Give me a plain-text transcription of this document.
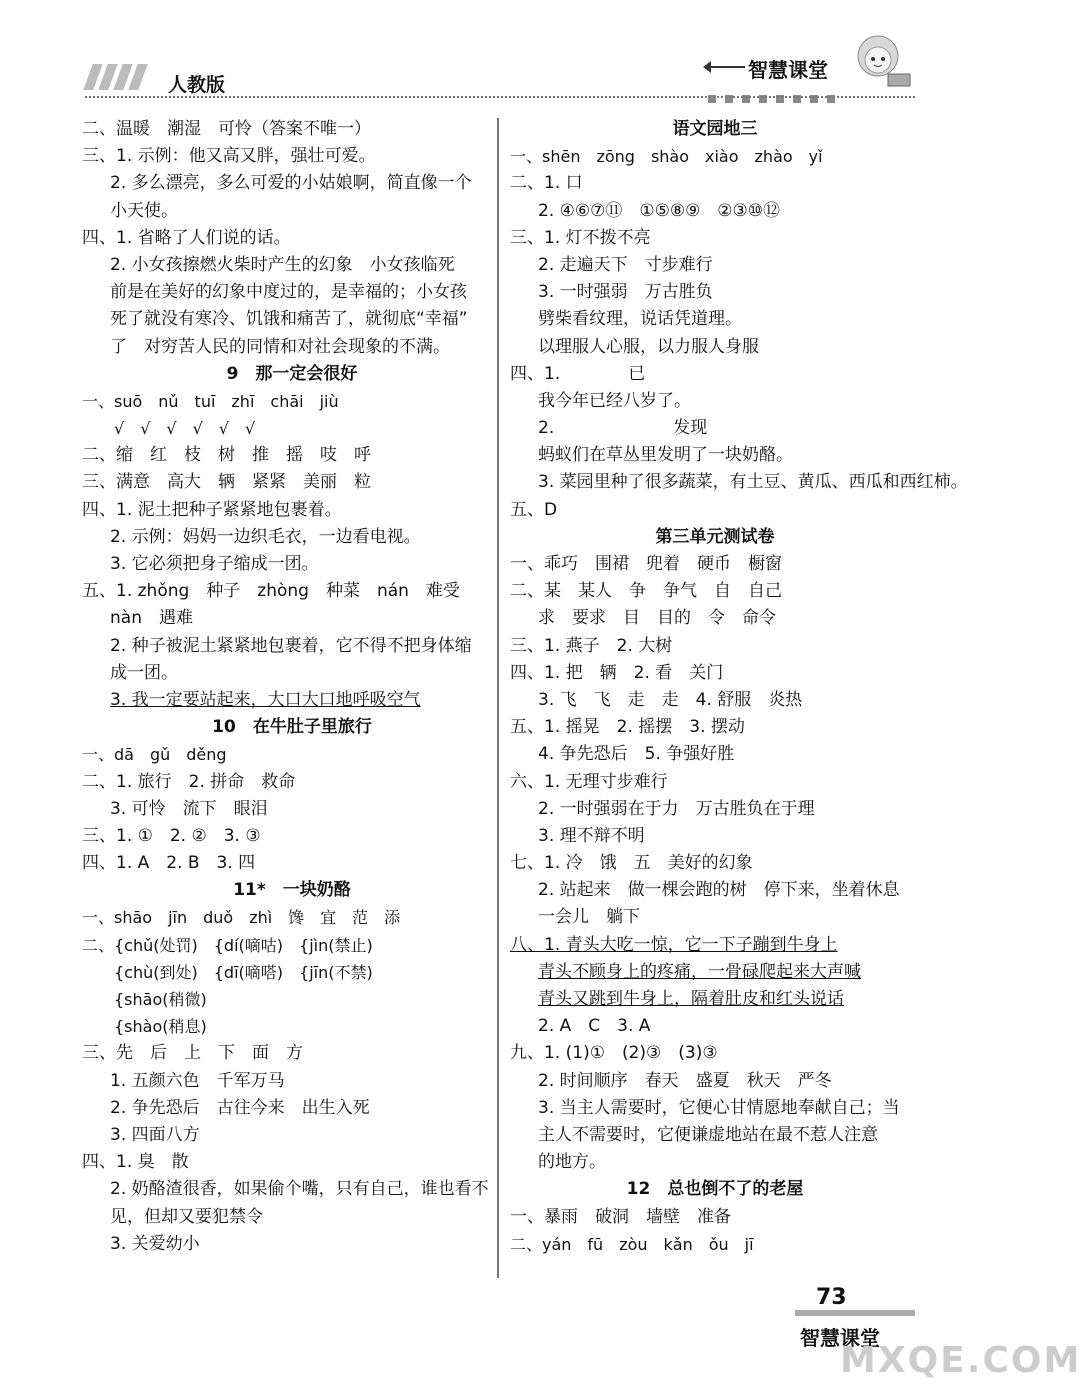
人教版
智慧课堂
二、温暖　潮湿　可怜（答案不唯一）
三、1. 示例：他又高又胖，强壮可爱。
2. 多么漂亮，多么可爱的小姑娘啊，简直像一个
小天使。
四、1. 省略了人们说的话。
2. 小女孩擦燃火柴时产生的幻象　小女孩临死
前是在美好的幻象中度过的，是幸福的；小女孩
死了就没有寒冷、饥饿和痛苦了，就彻底“幸福”
了　对穷苦人民的同情和对社会现象的不满。
9　那一定会很好
一、suō　nǔ　tuī　zhī　chāi　jiù
　　√　√　√　√　√　√
二、缩　红　枝　树　推　摇　吱　呼
三、满意　高大　辆　紧紧　美丽　粒
四、1. 泥土把种子紧紧地包裹着。
2. 示例：妈妈一边织毛衣，一边看电视。
3. 它必须把身子缩成一团。
五、1. zhǒng　种子　zhòng　种菜　nán　难受
nàn　遇难
2. 种子被泥土紧紧地包裹着，它不得不把身体缩
成一团。
3. 我一定要站起来，大口大口地呼吸空气
10　在牛肚子里旅行
一、dā　gǔ　děng
二、1. 旅行　2. 拼命　救命
3. 可怜　流下　眼泪
三、1. ①　2. ②　3. ③
四、1. A　2. B　3. 四
11*　一块奶酪
一、shāo　jīn　duǒ　zhì　馋　宜　范　添
二、{chǔ(处罚)　{dí(嘀咕)　{jìn(禁止)
　　{chù(到处)　{dī(嘀嗒)　{jīn(不禁)
　　{shāo(稍微)
　　{shào(稍息)
三、先　后　上　下　面　方
1. 五颜六色　千军万马
2. 争先恐后　古往今来　出生入死
3. 四面八方
四、1. 臭　散
2. 奶酪渣很香，如果偷个嘴，只有自己，谁也看不
见，但却又要犯禁令
3. 关爱幼小
语文园地三
一、shēn　zōng　shào　xiào　zhào　yǐ
二、1. 口
2. ④⑥⑦⑪　①⑤⑧⑨　②③⑩⑫
三、1. 灯不拨不亮
2. 走遍天下　寸步难行
3. 一时强弱　万古胜负
劈柴看纹理，说话凭道理。
以理服人心服，以力服人身服
四、1.　　　　已
我今年已经八岁了。
2.　　　　　　　发现
蚂蚁们在草丛里发明了一块奶酪。
3. 菜园里种了很多蔬菜，有土豆、黄瓜、西瓜和西红柿。
五、D
第三单元测试卷
一、乖巧　围裙　兜着　硬币　橱窗
二、某　某人　争　争气　自　自己
求　要求　目　目的　令　命令
三、1. 燕子　2. 大树
四、1. 把　辆　2. 看　关门
3. 飞　飞　走　走　4. 舒服　炎热
五、1. 摇晃　2. 摇摆　3. 摆动
4. 争先恐后　5. 争强好胜
六、1. 无理寸步难行
2. 一时强弱在于力　万古胜负在于理
3. 理不辩不明
七、1. 冷　饿　五　美好的幻象
2. 站起来　做一棵会跑的树　停下来，坐着休息
一会儿　躺下
八、1. 青头大吃一惊，它一下子蹦到牛身上
青头不顾身上的疼痛，一骨碌爬起来大声喊
青头又跳到牛身上，隔着肚皮和红头说话
2. A　C　3. A
九、1. (1)①　(2)③　(3)③
2. 时间顺序　春天　盛夏　秋天　严冬
3. 当主人需要时，它便心甘情愿地奉献自己；当
主人不需要时，它便谦虚地站在最不惹人注意
的地方。
12　总也倒不了的老屋
一、暴雨　破洞　墙壁　准备
二、yán　fū　zòu　kǎn　ǒu　jī
73
智慧课堂
MXQE.COM
